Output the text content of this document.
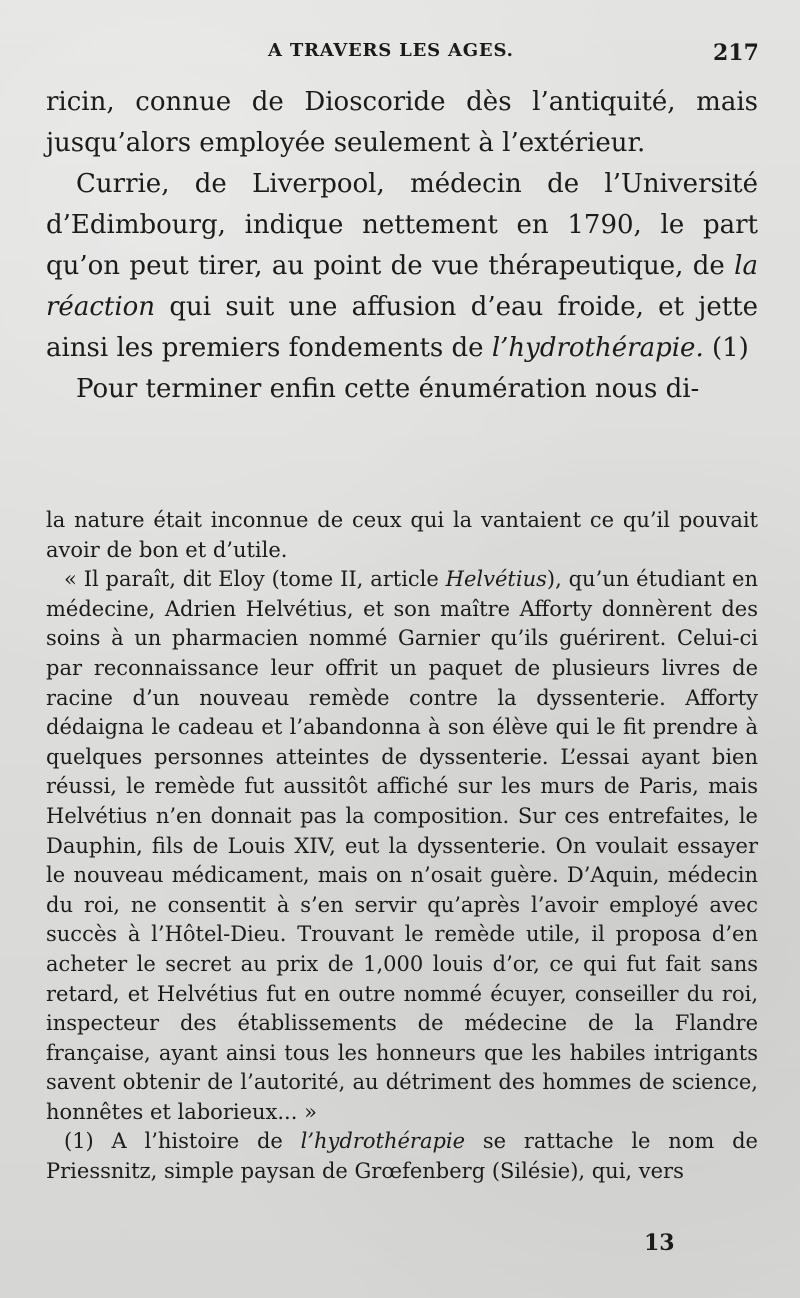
A TRAVERS LES AGES.	217

ricin, connue de Dioscoride dès l’antiquité, mais jusqu’alors employée seulement à l’extérieur.

Currie, de Liverpool, médecin de l’Université d’Edimbourg, indique nettement en 1790, le part qu’on peut tirer, au point de vue thérapeutique, de la réaction qui suit une affusion d’eau froide, et jette ainsi les premiers fondements de l’hydrothérapie. (1)

Pour terminer enfin cette énumération nous di-

la nature était inconnue de ceux qui la vantaient ce qu’il pouvait avoir de bon et d’utile.

« Il paraît, dit Eloy (tome II, article Helvétius), qu’un étudiant en médecine, Adrien Helvétius, et son maître Afforty donnèrent des soins à un pharmacien nommé Garnier qu’ils guérirent. Celui-ci par reconnaissance leur offrit un paquet de plusieurs livres de racine d’un nouveau remède contre la dyssenterie. Afforty dédaigna le cadeau et l’abandonna à son élève qui le fit prendre à quelques personnes atteintes de dyssenterie. L’essai ayant bien réussi, le remède fut aussitôt affiché sur les murs de Paris, mais Helvétius n’en donnait pas la composition. Sur ces entrefaites, le Dauphin, fils de Louis XIV, eut la dyssenterie. On voulait essayer le nouveau médicament, mais on n’osait guère. D’Aquin, médecin du roi, ne consentit à s’en servir qu’après l’avoir employé avec succès à l’Hôtel-Dieu. Trouvant le remède utile, il proposa d’en acheter le secret au prix de 1,000 louis d’or, ce qui fut fait sans retard, et Helvétius fut en outre nommé écuyer, conseiller du roi, inspecteur des établissements de médecine de la Flandre française, ayant ainsi tous les honneurs que les habiles intrigants savent obtenir de l’autorité, au détriment des hommes de science, honnêtes et laborieux... »

(1) A l’histoire de l’hydrothérapie se rattache le nom de Priessnitz, simple paysan de Grœfenberg (Silésie), qui, vers

13
